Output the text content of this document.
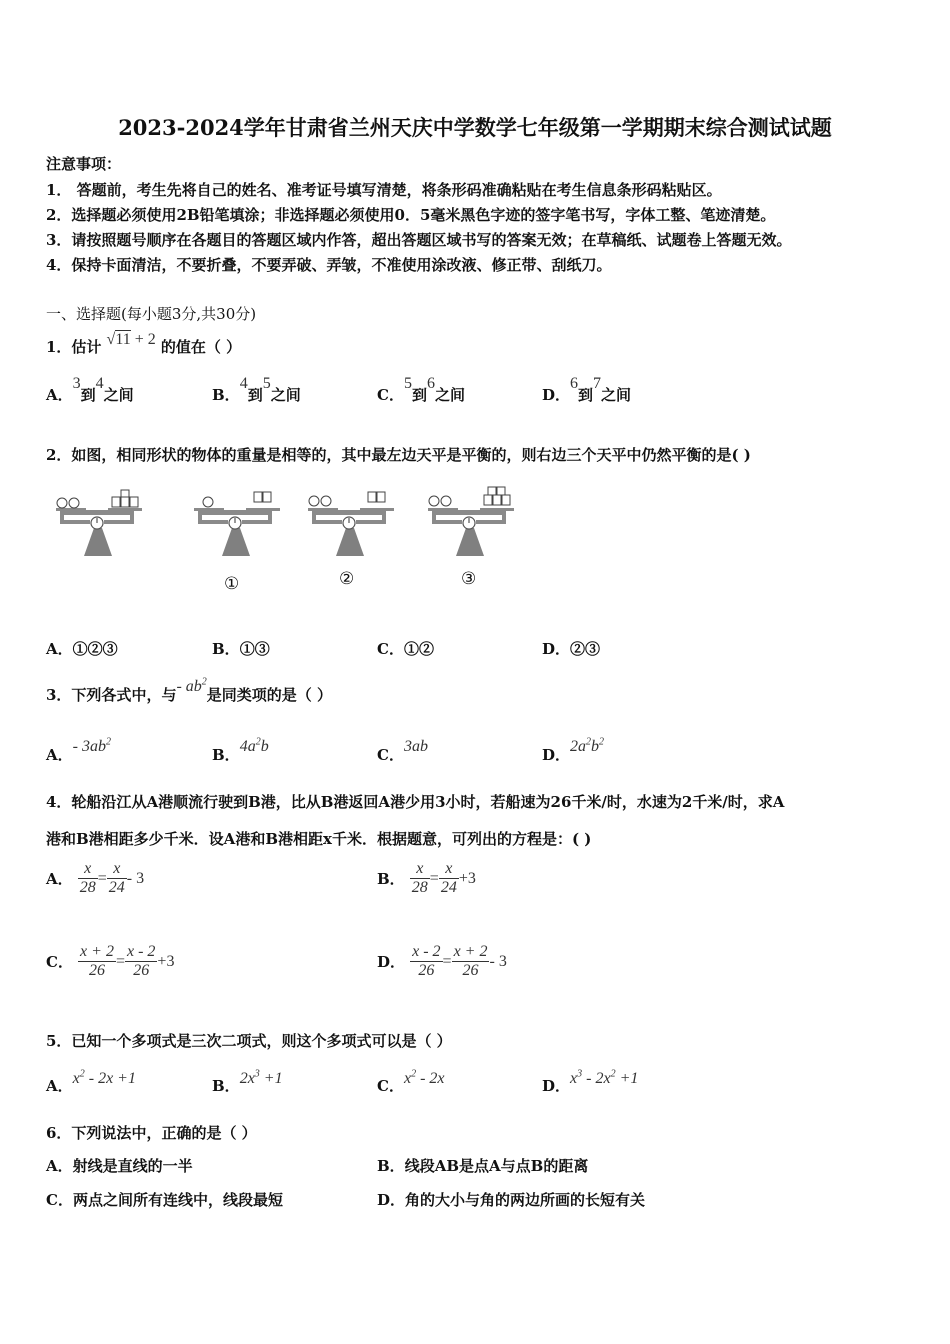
2023-2024学年甘肃省兰州天庆中学数学七年级第一学期期末综合测试试题
注意事项：
1． 答题前，考生先将自己的姓名、准考证号填写清楚，将条形码准确粘贴在考生信息条形码粘贴区。
2．选择题必须使用2B铅笔填涂；非选择题必须使用0．5毫米黑色字迹的签字笔书写，字体工整、笔迹清楚。
3．请按照题号顺序在各题目的答题区域内作答，超出答题区域书写的答案无效；在草稿纸、试题卷上答题无效。
4．保持卡面清洁，不要折叠，不要弄破、弄皱，不准使用涂改液、修正带、刮纸刀。
一、选择题(每小题3分,共30分)
1．估计 √11 + 2 的值在（ ）
A．3到4之间	B．4到5之间	C．5到6之间	D．6到7之间
2．如图，相同形状的物体的重量是相等的，其中最左边天平是平衡的，则右边三个天平中仍然平衡的是( )
①	②	③
A．①②③	B．①③	C．①②	D．②③
3．下列各式中，与- $ab^2$是同类项的是（ ）
A．- $3ab^2$
B．$4a^2b$	C．3ab	D．$2a^2b^2$
4．轮船沿江从A港顺流行驶到B港，比从B港返回A港少用3小时，若船速为26千米/时，水速为2千米/时，求A
港和B港相距多少千米．设A港和B港相距x千米．根据题意，可列出的方程是：( )
A． $\frac{x}{28} = \frac{x}{24} - 3$	B． $\frac{x}{28} = \frac{x}{24} +3$
C． $\frac{x + 2}{26} = \frac{x - 2}{26} +3$	D． $\frac{x - 2}{26} = \frac{x + 2}{26} - 3$
5．已知一个多项式是三次二项式，则这个多项式可以是（ ）
A．$x^2 - 2x +1$	B．$2x^3 +1$	C．$x^2 - 2x$	D．$x^3 - 2x^2 +1$
6．下列说法中，正确的是（ ）
A．射线是直线的一半	B．线段AB是点A与点B的距离
C．两点之间所有连线中，线段最短	D．角的大小与角的两边所画的长短有关
